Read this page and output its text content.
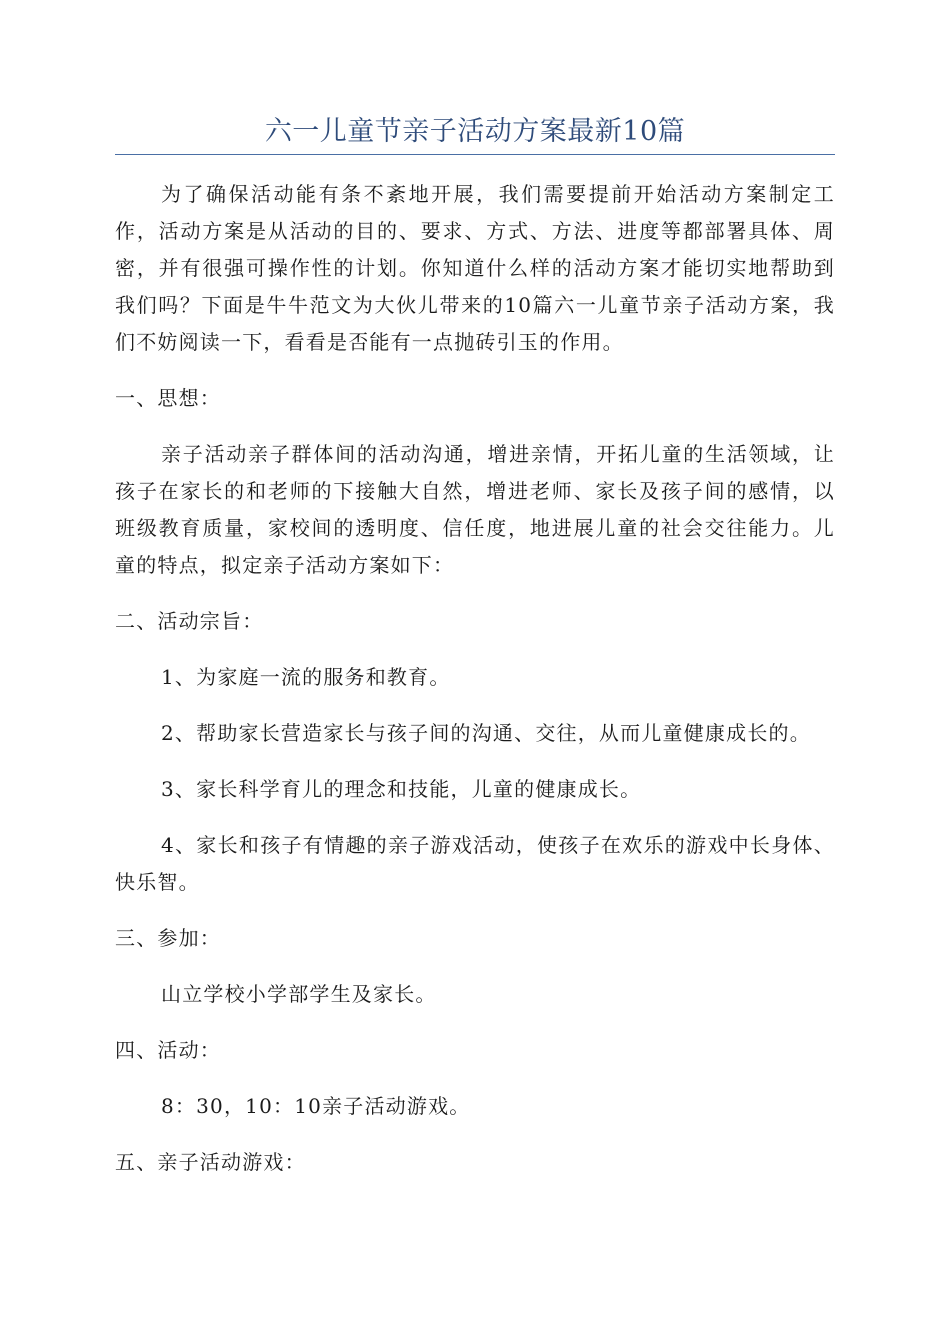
六一儿童节亲子活动方案最新10篇

为了确保活动能有条不紊地开展，我们需要提前开始活动方案制定工作，活动方案是从活动的目的、要求、方式、方法、进度等都部署具体、周密，并有很强可操作性的计划。你知道什么样的活动方案才能切实地帮助到我们吗？下面是牛牛范文为大伙儿带来的10篇六一儿童节亲子活动方案，我们不妨阅读一下，看看是否能有一点抛砖引玉的作用。

一、思想：

亲子活动亲子群体间的活动沟通，增进亲情，开拓儿童的生活领域，让孩子在家长的和老师的下接触大自然，增进老师、家长及孩子间的感情，以班级教育质量，家校间的透明度、信任度，地进展儿童的社会交往能力。儿童的特点，拟定亲子活动方案如下：

二、活动宗旨：

1、为家庭一流的服务和教育。

2、帮助家长营造家长与孩子间的沟通、交往，从而儿童健康成长的。

3、家长科学育儿的理念和技能，儿童的健康成长。

4、家长和孩子有情趣的亲子游戏活动，使孩子在欢乐的游戏中长身体、快乐智。

三、参加：

山立学校小学部学生及家长。

四、活动：

8：30，10：10亲子活动游戏。

五、亲子活动游戏：
